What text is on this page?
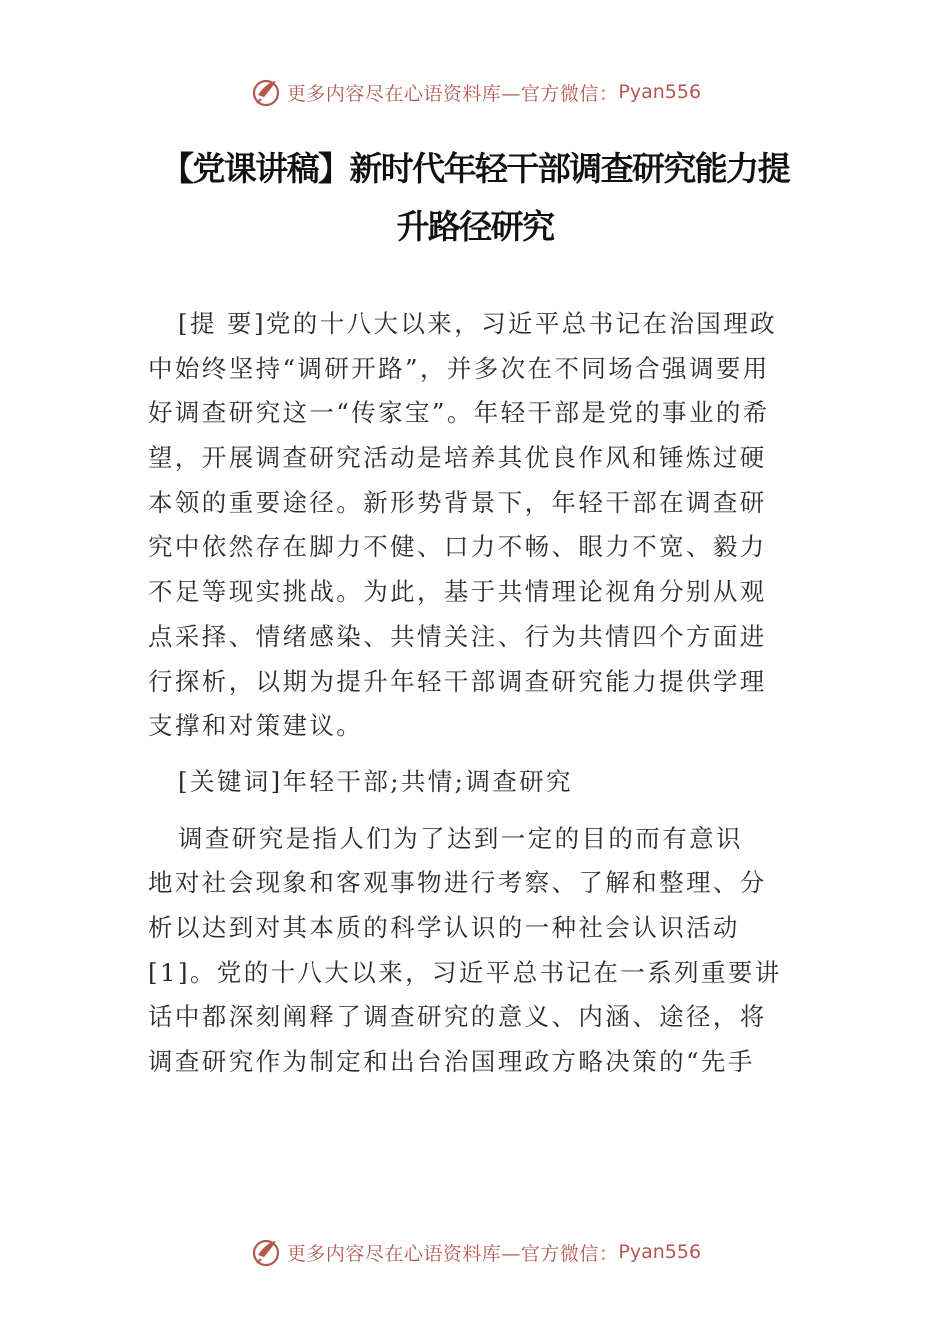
更多内容尽在心语资料库—官方微信： Pyan556
【党课讲稿】新时代年轻干部调查研究能力提
升路径研究
[提 要]党的十八大以来，习近平总书记在治国理政
中始终坚持“调研开路”，并多次在不同场合强调要用
好调查研究这一“传家宝”。年轻干部是党的事业的希
望，开展调查研究活动是培养其优良作风和锤炼过硬
本领的重要途径。新形势背景下，年轻干部在调查研
究中依然存在脚力不健、口力不畅、眼力不宽、毅力
不足等现实挑战。为此，基于共情理论视角分别从观
点采择、情绪感染、共情关注、行为共情四个方面进
行探析，以期为提升年轻干部调查研究能力提供学理
支撑和对策建议。
[关键词]年轻干部;共情;调查研究
调查研究是指人们为了达到一定的目的而有意识
地对社会现象和客观事物进行考察、了解和整理、分
析以达到对其本质的科学认识的一种社会认识活动
[1]。党的十八大以来，习近平总书记在一系列重要讲
话中都深刻阐释了调查研究的意义、内涵、途径，将
调查研究作为制定和出台治国理政方略决策的“先手
更多内容尽在心语资料库—官方微信： Pyan556
